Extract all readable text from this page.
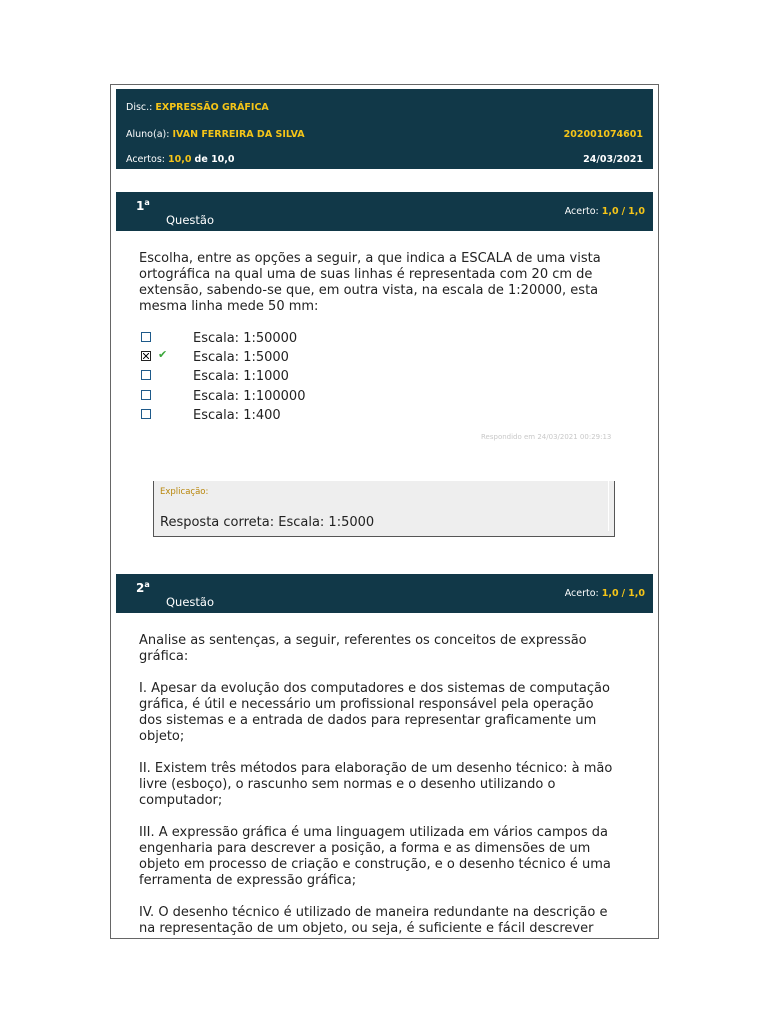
Disc.: EXPRESSÃO GRÁFICA
Aluno(a): IVAN FERREIRA DA SILVA	202001074601
Acertos: 10,0 de 10,0	24/03/2021
1$^a$
Questão
Acerto: 1,0 / 1,0
Escolha, entre as opções a seguir, a que indica a ESCALA de uma vista
ortográfica na qual uma de suas linhas é representada com 20 cm de
extensão, sabendo-se que, em outra vista, na escala de 1:20000, esta
mesma linha mede 50 mm:
Escala: 1:50000
✔ Escala: 1:5000
Escala: 1:1000
Escala: 1:100000
Escala: 1:400
Respondido em 24/03/2021 00:29:13
Explicação:
Resposta correta: Escala: 1:5000
2$^a$
Questão
Acerto: 1,0 / 1,0
Analise as sentenças, a seguir, referentes os conceitos de expressão
gráfica:
I. Apesar da evolução dos computadores e dos sistemas de computação
gráfica, é útil e necessário um profissional responsável pela operação
dos sistemas e a entrada de dados para representar graficamente um
objeto;
II. Existem três métodos para elaboração de um desenho técnico: à mão
livre (esboço), o rascunho sem normas e o desenho utilizando o
computador;
III. A expressão gráfica é uma linguagem utilizada em vários campos da
engenharia para descrever a posição, a forma e as dimensões de um
objeto em processo de criação e construção, e o desenho técnico é uma
ferramenta de expressão gráfica;
IV. O desenho técnico é utilizado de maneira redundante na descrição e
na representação de um objeto, ou seja, é suficiente e fácil descrever
